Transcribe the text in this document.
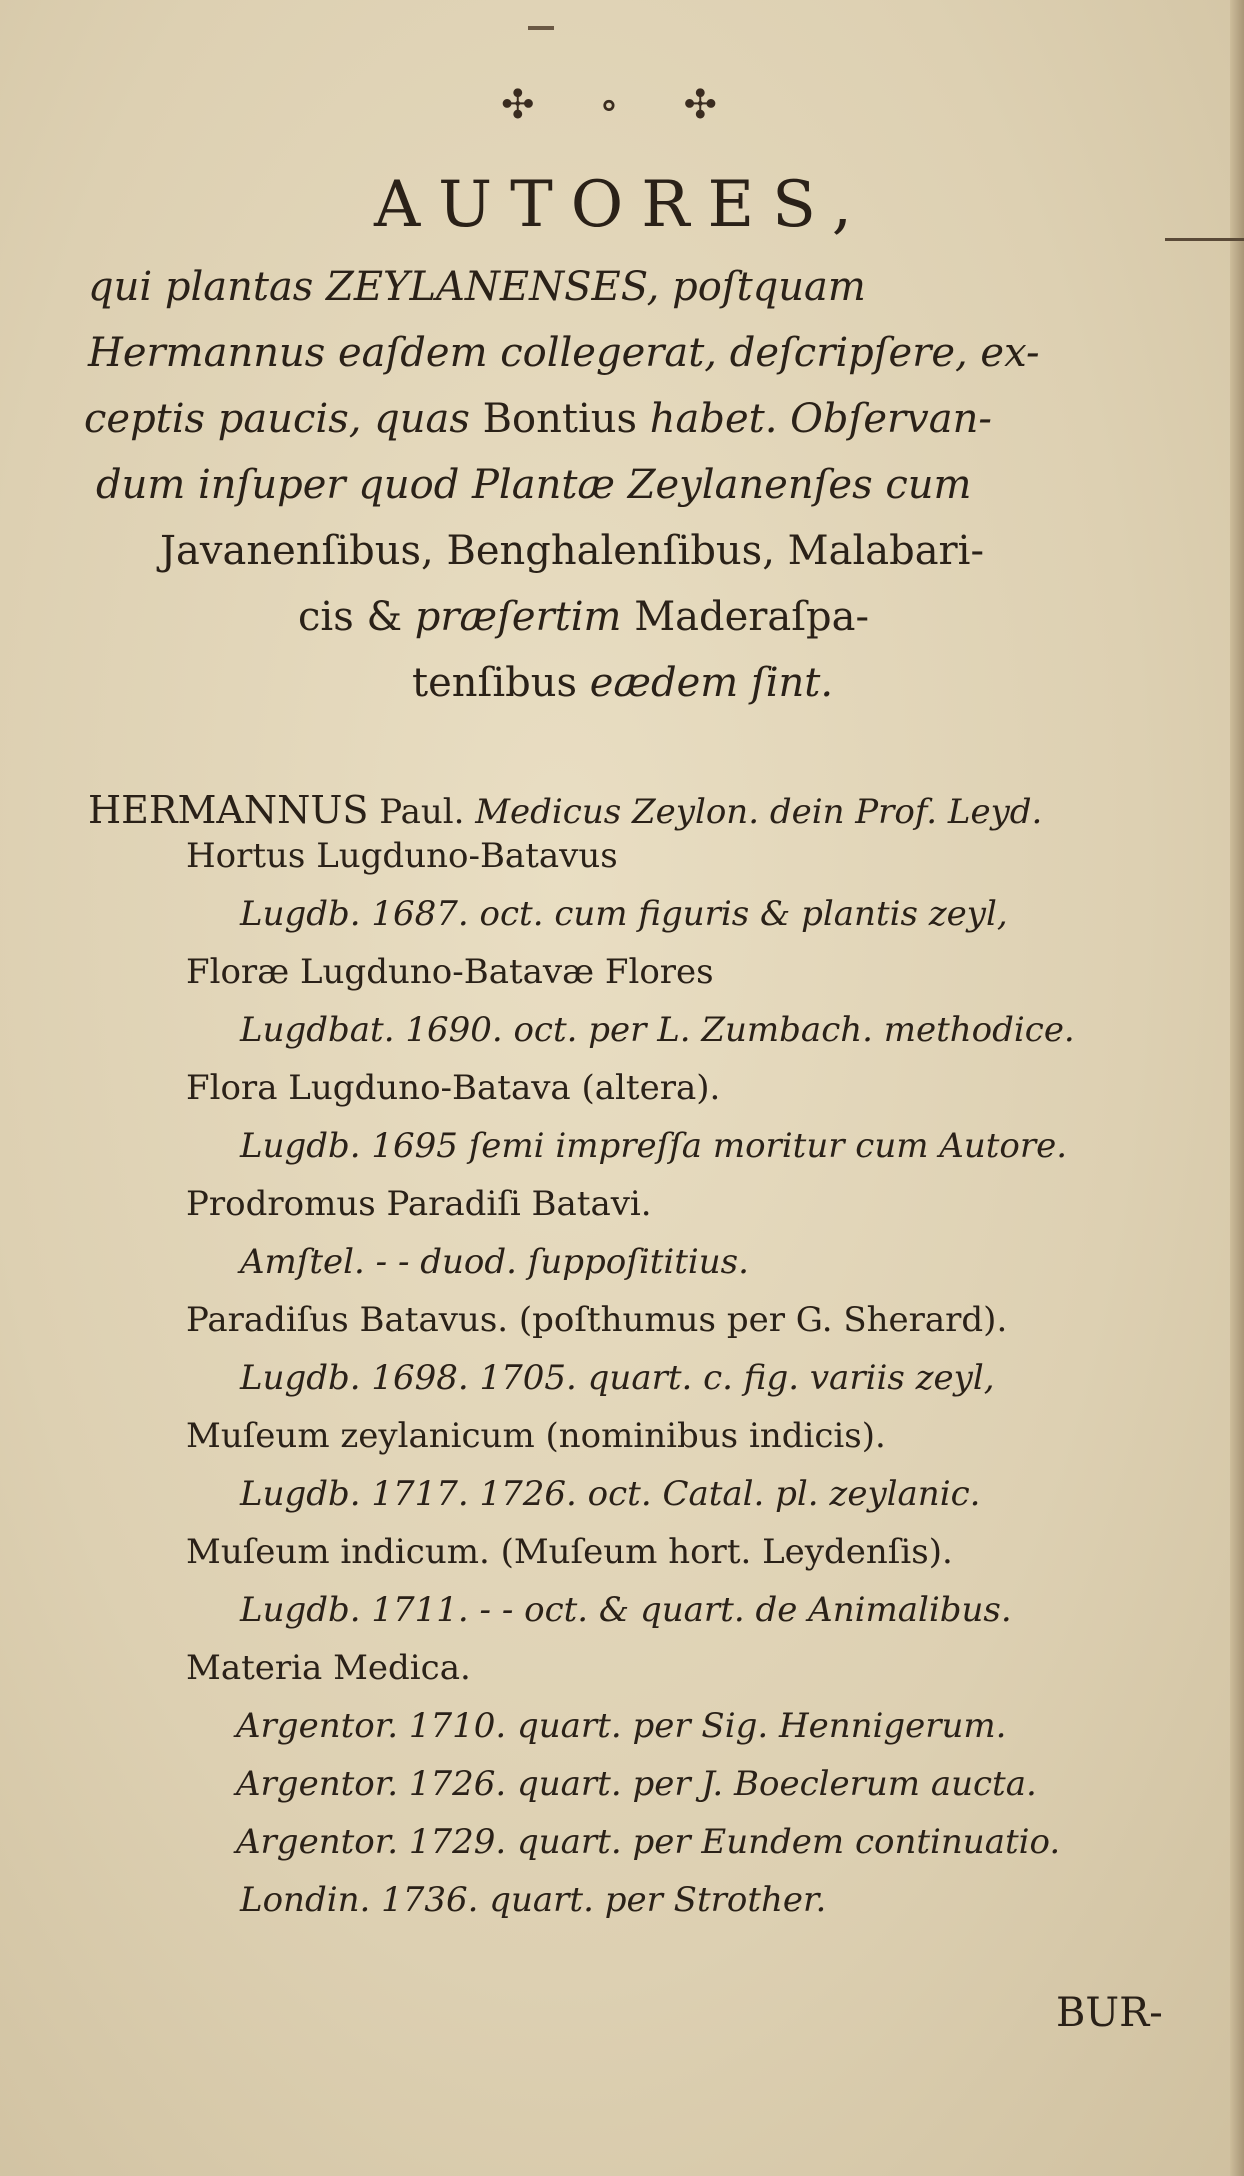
✣ ∘ ✣
AUTORES,
qui plantas ZEYLANENSES, poſtquam
Hermannus eaſdem collegerat, deſcripſere, ex-
ceptis paucis, quas Bontius habet. Obſervan-
dum inſuper quod Plantæ Zeylanenſes cum
Javanenſibus, Benghalenſibus, Malabari-
cis & præſertim Maderaſpa-
tenſibus eædem ſint.
HERMANNUS Paul. Medicus Zeylon. dein Prof. Leyd.
Hortus Lugduno-Batavus
Lugdb. 1687. oct. cum figuris & plantis zeyl,
Floræ Lugduno-Batavæ Flores
Lugdbat. 1690. oct. per L. Zumbach. methodice.
Flora Lugduno-Batava (altera).
Lugdb. 1695 ſemi impreſſa moritur cum Autore.
Prodromus Paradiſi Batavi.
Amſtel. - - duod. ſuppoſititius.
Paradiſus Batavus. (poſthumus per G. Sherard).
Lugdb. 1698. 1705. quart. c. fig. variis zeyl,
Muſeum zeylanicum (nominibus indicis).
Lugdb. 1717. 1726. oct. Catal. pl. zeylanic.
Muſeum indicum. (Muſeum hort. Leydenſis).
Lugdb. 1711. - - oct. & quart. de Animalibus.
Materia Medica.
Argentor. 1710. quart. per Sig. Hennigerum.
Argentor. 1726. quart. per J. Boeclerum aucta.
Argentor. 1729. quart. per Eundem continuatio.
Londin. 1736. quart. per Strother.
BUR-
